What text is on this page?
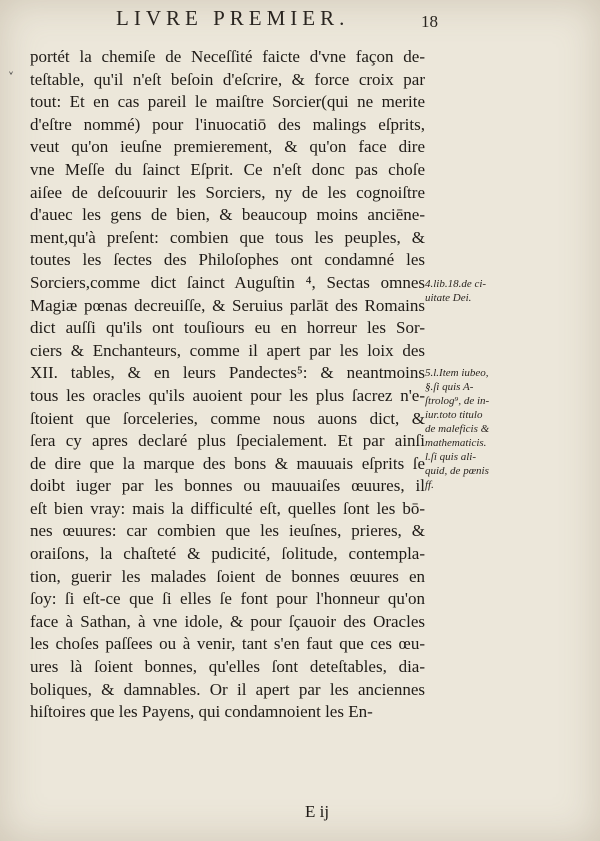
LIVRE PREMIER.	18
ˬ
portét la chemiſe de Neceſſité faicte d'vne façon de-
teſtable, qu'il n'eſt beſoin d'eſcrire, & force croix par
tout: Et en cas pareil le maiſtre Sorcier(qui ne merite
d'eſtre nommé) pour l'inuocatiō des malings eſprits,
veut qu'on ieuſne premierement, & qu'on face dire
vne Meſſe du ſainct Eſprit. Ce n'eſt donc pas choſe
aiſee de deſcouurir les Sorciers, ny de les cognoiſtre
d'auec les gens de bien, & beaucoup moins anciēne-
ment,qu'à preſent: combien que tous les peuples, &
toutes les ſectes des Philoſophes ont condamné les
Sorciers,comme dict ſainct Auguſtin ⁴, Sectas omnes
Magiæ pœnas decreuiſſe, & Seruius parlāt des Romains
dict auſſi qu'ils ont touſiours eu en horreur les Sor-
ciers & Enchanteurs, comme il apert par les loix des
XII. tables, & en leurs Pandectes⁵: & neantmoins
tous les oracles qu'ils auoient pour les plus ſacrez n'e-
ſtoient que ſorceleries, comme nous auons dict, &
ſera cy apres declaré plus ſpecialement. Et par ainſi
de dire que la marque des bons & mauuais eſprits ſe
doibt iuger par les bonnes ou mauuaiſes œuures, il
eſt bien vray: mais la difficulté eſt, quelles ſont les bō-
nes œuures: car combien que les ieuſnes, prieres, &
oraiſons, la chaſteté & pudicité, ſolitude, contempla-
tion, guerir les malades ſoient de bonnes œuures en
ſoy: ſi eſt-ce que ſi elles ſe font pour l'honneur qu'on
face à Sathan, à vne idole, & pour ſçauoir des Oracles
les choſes paſſees ou à venir, tant s'en faut que ces œu-
ures là ſoient bonnes, qu'elles ſont deteſtables, dia-
boliques, & damnables. Or il apert par les anciennes
hiſtoires que les Payens, qui condamnoient les En-
4.lib.18.de ci-
uitate Dei.
5.l.Item iubeo,
§.ſi quis A-
ſtrolog⁹, de in-
iur.toto titulo
de maleficis &
mathematicis.
l.ſi quis ali-
quid, de pœnis
ff.
E ij
